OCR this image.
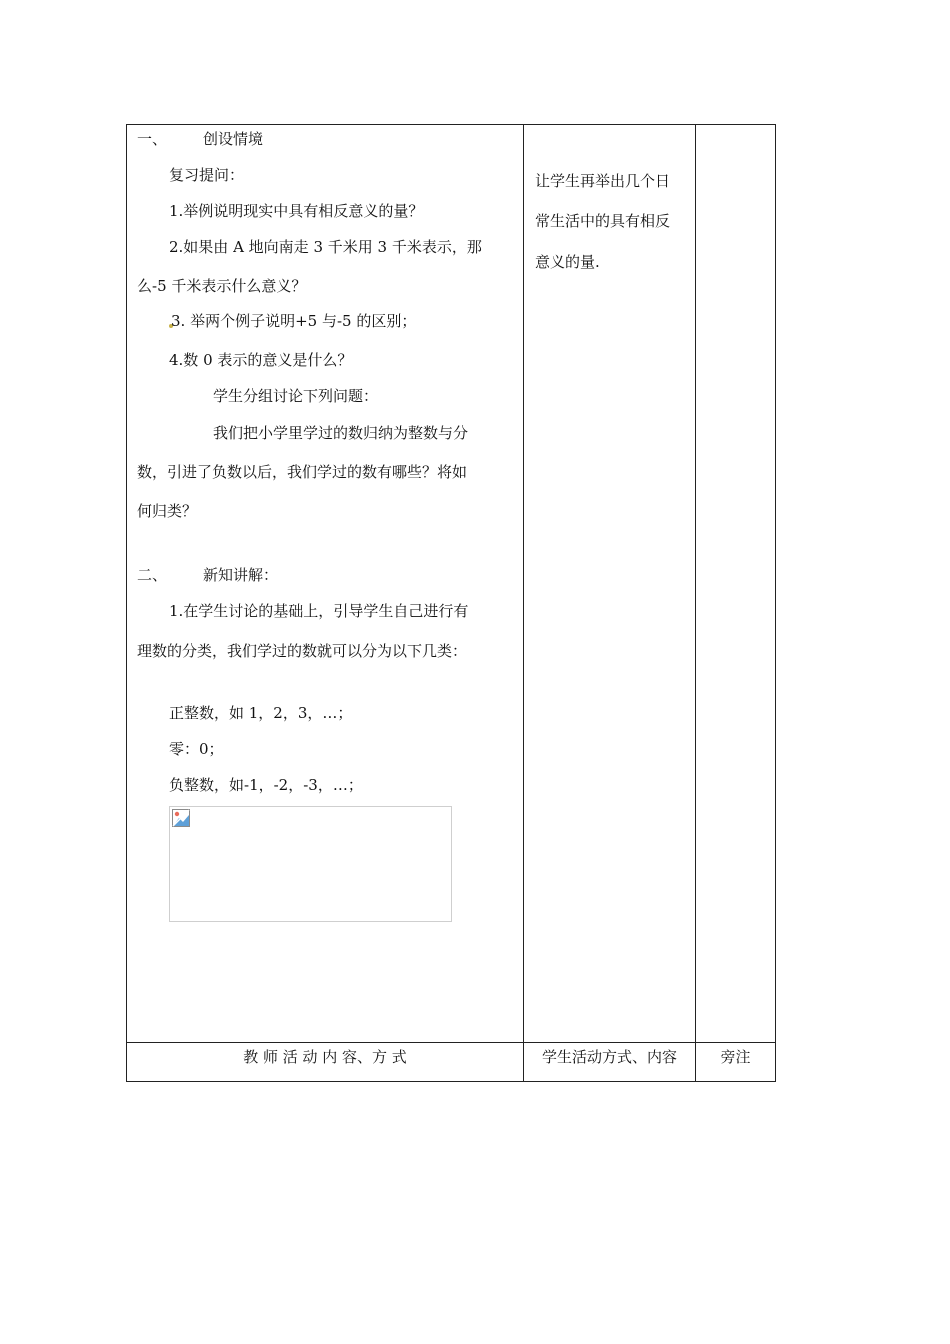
一、 创设情境
复习提问：
1.举例说明现实中具有相反意义的量？
2.如果由 A 地向南走 3 千米用 3 千米表示，那
么-5 千米表示什么意义？
3. 举两个例子说明+5 与-5 的区别；
4.数 0 表示的意义是什么？
学生分组讨论下列问题：
我们把小学里学过的数归纳为整数与分
数，引进了负数以后，我们学过的数有哪些？将如
何归类？
二、 新知讲解：
1.在学生讨论的基础上，引导学生自己进行有
理数的分类，我们学过的数就可以分为以下几类：
正整数，如 1，2，3，…；
零：0；
负整数，如-1，-2，-3，…；
让学生再举出几个日
常生活中的具有相反
意义的量.
教 师 活 动 内 容、方 式	学生活动方式、内容	旁注
